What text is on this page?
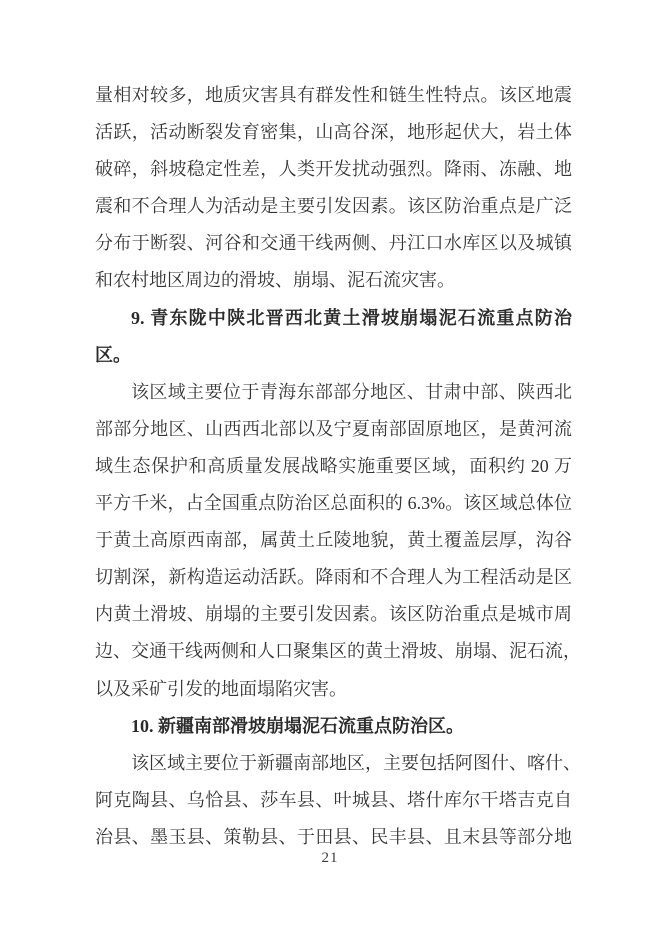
量相对较多，地质灾害具有群发性和链生性特点。该区地震
活跃，活动断裂发育密集，山高谷深，地形起伏大，岩土体
破碎，斜坡稳定性差，人类开发扰动强烈。降雨、冻融、地
震和不合理人为活动是主要引发因素。该区防治重点是广泛
分布于断裂、河谷和交通干线两侧、丹江口水库区以及城镇
和农村地区周边的滑坡、崩塌、泥石流灾害。
9. 青东陇中陕北晋西北黄土滑坡崩塌泥石流重点防治
区。
该区域主要位于青海东部部分地区、甘肃中部、陕西北
部部分地区、山西西北部以及宁夏南部固原地区，是黄河流
域生态保护和高质量发展战略实施重要区域，面积约 20 万
平方千米，占全国重点防治区总面积的 6.3%。该区域总体位
于黄土高原西南部，属黄土丘陵地貌，黄土覆盖层厚，沟谷
切割深，新构造运动活跃。降雨和不合理人为工程活动是区
内黄土滑坡、崩塌的主要引发因素。该区防治重点是城市周
边、交通干线两侧和人口聚集区的黄土滑坡、崩塌、泥石流，
以及采矿引发的地面塌陷灾害。
10. 新疆南部滑坡崩塌泥石流重点防治区。
该区域主要位于新疆南部地区，主要包括阿图什、喀什、
阿克陶县、乌恰县、莎车县、叶城县、塔什库尔干塔吉克自
治县、墨玉县、策勒县、于田县、民丰县、且末县等部分地
21
